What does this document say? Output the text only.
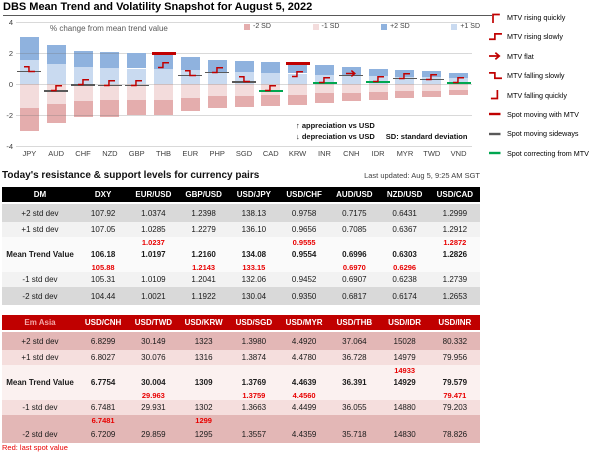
DBS Mean Trend and Volatility Snapshot for August 5, 2022
% change from mean trend value	-2 SD	-1 SD	+2 SD	+1 SD
4
2
0
-2
-4
JPY	AUD	CHF	NZD	GBP	THB	EUR	PHP	SGD	CAD	KRW	INR	CNH	IDR	MYR	TWD	VND
↑ appreciation vs USD
↓ depreciation vs USD SD: standard deviation
MTV rising quickly
MTV rising slowly
MTV flat
MTV falling slowly
MTV falling quickly
Spot moving with MTV
Spot moving sideways
Spot correcting from MTV
Today's resistance & support levels for currency pairs	Last updated: Aug 5, 9:25 AM SGT
DM	DXY	EUR/USD	GBP/USD	USD/JPY	USD/CHF	AUD/USD	NZD/USD	USD/CAD
+2 std dev	107.92	1.0374	1.2398	138.13	0.9758	0.7175	0.6431	1.2999
+1 std dev	107.05	1.0285	1.2279	136.10	0.9656	0.7085	0.6367	1.2912
		1.0237			0.9555			1.2872
Mean Trend Value	106.18	1.0197	1.2160	134.08	0.9554	0.6996	0.6303	1.2826
	105.88		1.2143	133.15		0.6970	0.6296	
-1 std dev	105.31	1.0109	1.2041	132.06	0.9452	0.6907	0.6238	1.2739
-2 std dev	104.44	1.0021	1.1922	130.04	0.9350	0.6817	0.6174	1.2653
Em Asia	USD/CNH	USD/TWD	USD/KRW	USD/SGD	USD/MYR	USD/THB	USD/IDR	USD/INR
+2 std dev	6.8299	30.149	1323	1.3980	4.4920	37.064	15028	80.332
+1 std dev	6.8027	30.076	1316	1.3874	4.4780	36.728	14979	79.956
							14933	
Mean Trend Value	6.7754	30.004	1309	1.3769	4.4639	36.391	14929	79.579
		29.963		1.3759	4.4560			79.471
-1 std dev	6.7481	29.931	1302	1.3663	4.4499	36.055	14880	79.203
	6.7481		1299					
-2 std dev	6.7209	29.859	1295	1.3557	4.4359	35.718	14830	78.826
Red: last spot value
